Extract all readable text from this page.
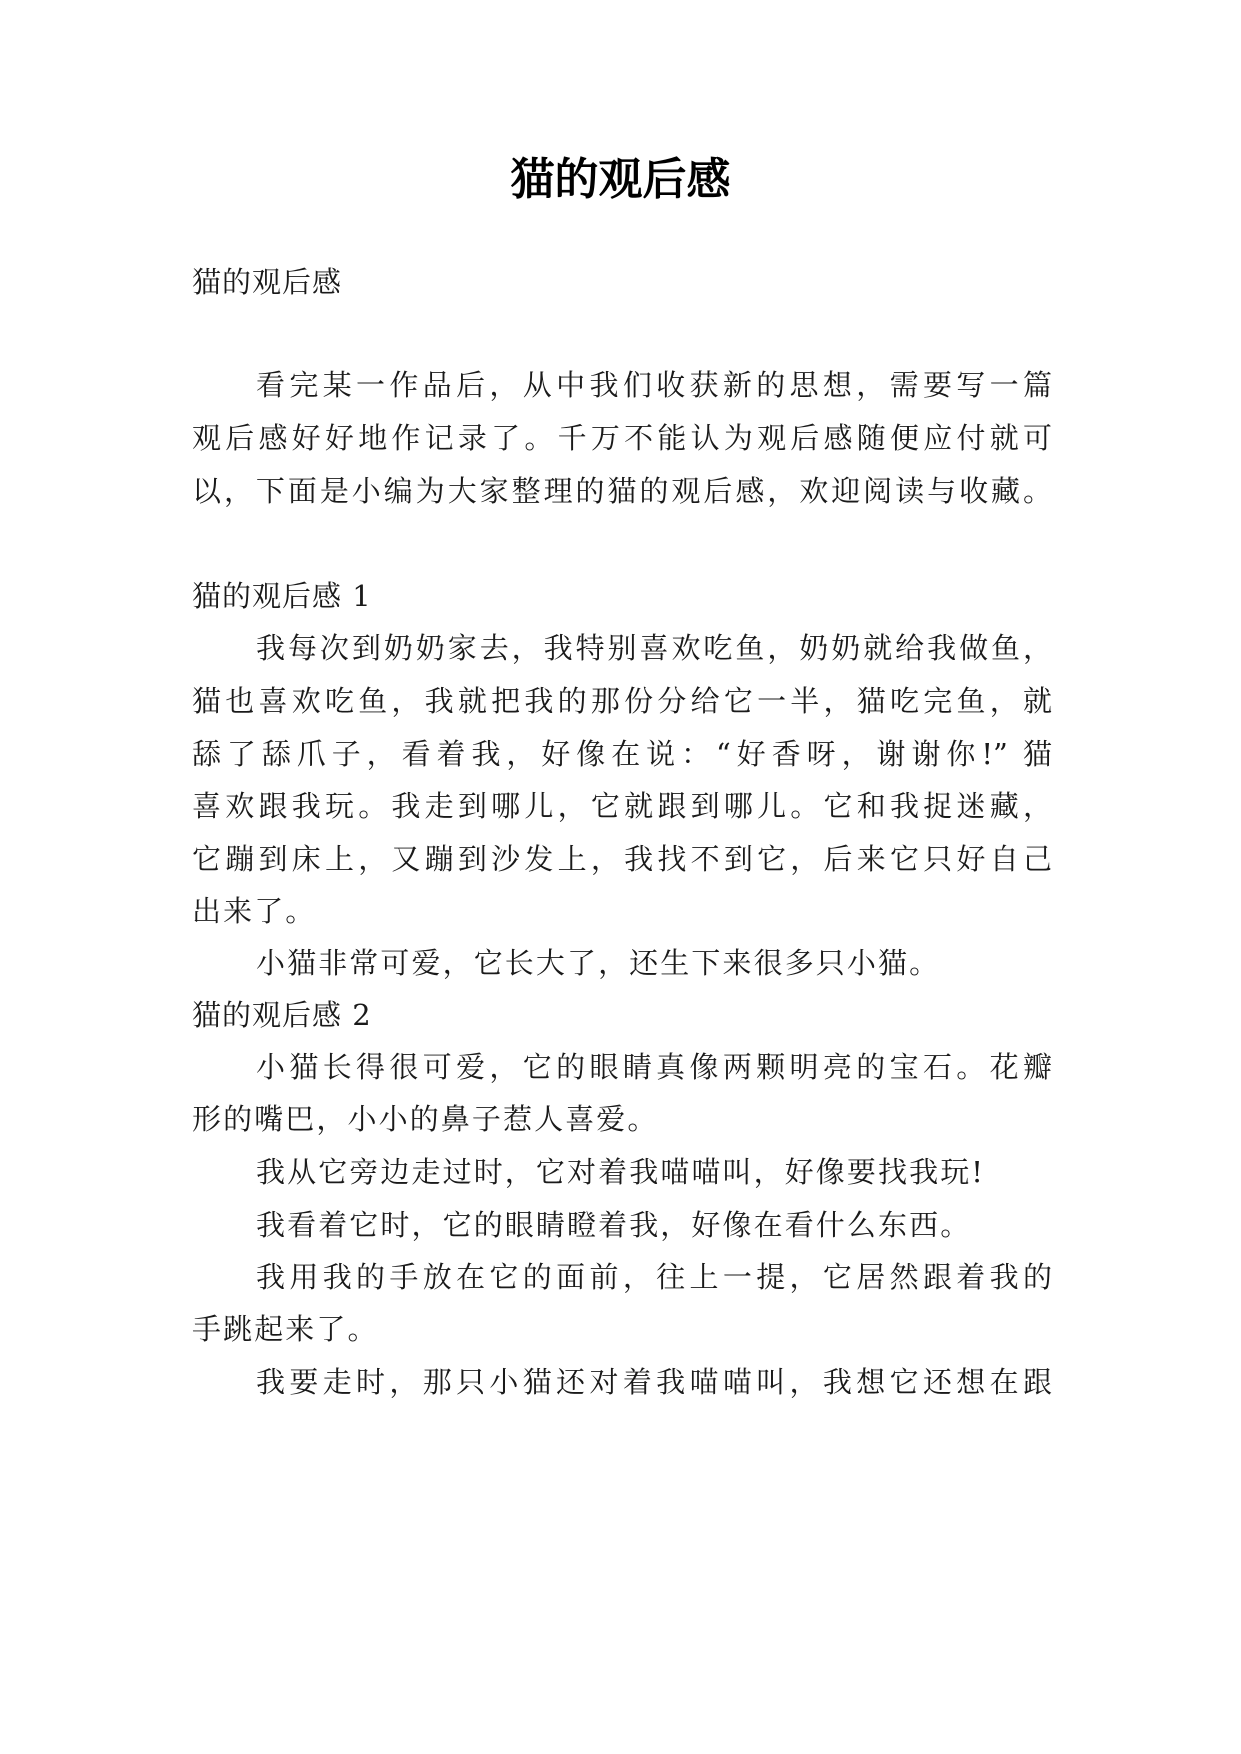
猫的观后感
猫的观后感
看完某一作品后，从中我们收获新的思想，需要写一篇
观后感好好地作记录了。千万不能认为观后感随便应付就可
以，下面是小编为大家整理的猫的观后感，欢迎阅读与收藏。
猫的观后感 1
我每次到奶奶家去，我特别喜欢吃鱼，奶奶就给我做鱼，
猫也喜欢吃鱼，我就把我的那份分给它一半，猫吃完鱼，就
舔了舔爪子，看着我，好像在说：“好香呀，谢谢你!” 猫
喜欢跟我玩。我走到哪儿，它就跟到哪儿。它和我捉迷藏，
它蹦到床上，又蹦到沙发上，我找不到它，后来它只好自己
出来了。
小猫非常可爱，它长大了，还生下来很多只小猫。
猫的观后感 2
小猫长得很可爱，它的眼睛真像两颗明亮的宝石。花瓣
形的嘴巴，小小的鼻子惹人喜爱。
我从它旁边走过时，它对着我喵喵叫，好像要找我玩!
我看着它时，它的眼睛瞪着我，好像在看什么东西。
我用我的手放在它的面前，往上一提，它居然跟着我的
手跳起来了。
我要走时，那只小猫还对着我喵喵叫，我想它还想在跟
